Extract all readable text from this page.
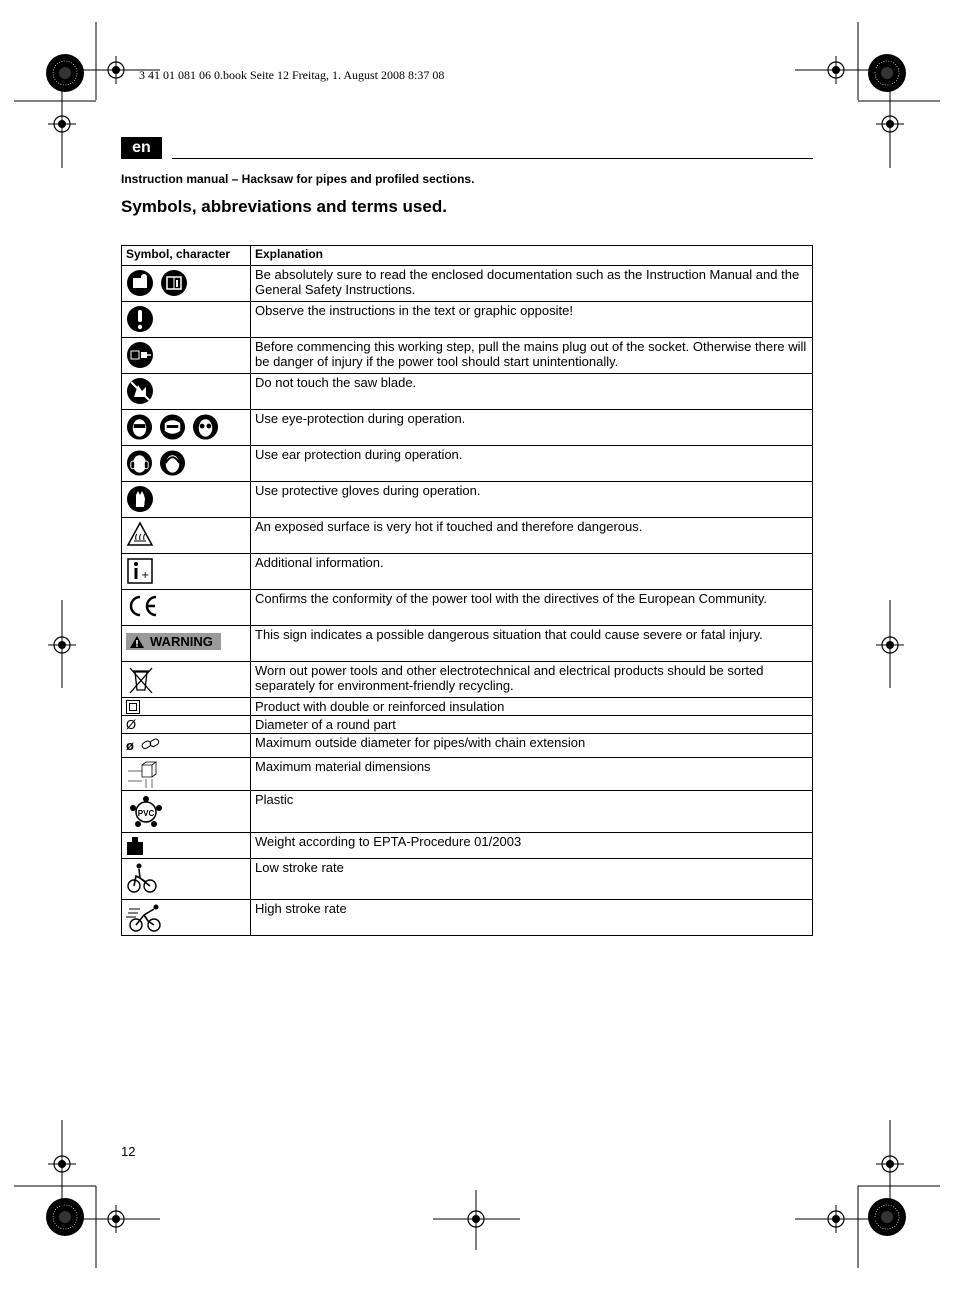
3 41 01 081 06 0.book Seite 12 Freitag, 1. August 2008 8:37 08
en
Instruction manual – Hacksaw for pipes and profiled sections.
Symbols, abbreviations and terms used.
Symbol, character	Explanation

	Be absolutely sure to read the enclosed documentation such as the Instruction Manual and the General Safety Instructions.

	Observe the instructions in the text or graphic opposite!

	Before commencing this working step, pull the mains plug out of the socket. Otherwise there will be danger of injury if the power tool should start unintentionally.

	Do not touch the saw blade.

	Use eye-protection during operation.

	Use ear protection during operation.

	Use protective gloves during operation.

	An exposed surface is very hot if touched and therefore dangerous.

+	Additional information.

	Confirms the conformity of the power tool with the directives of the European Community.

WARNING	This sign indicates a possible dangerous situation that could cause severe or fatal injury.

	Worn out power tools and other electrotechnical and electrical products should be sorted separately for environment-friendly recycling.

	Product with double or reinforced insulation
Ø	Diameter of a round part

ø	Maximum outside diameter for pipes/with chain extension

	Maximum material dimensions

PVC	Plastic

	Weight according to EPTA-Procedure 01/2003

	Low stroke rate

	High stroke rate
12
